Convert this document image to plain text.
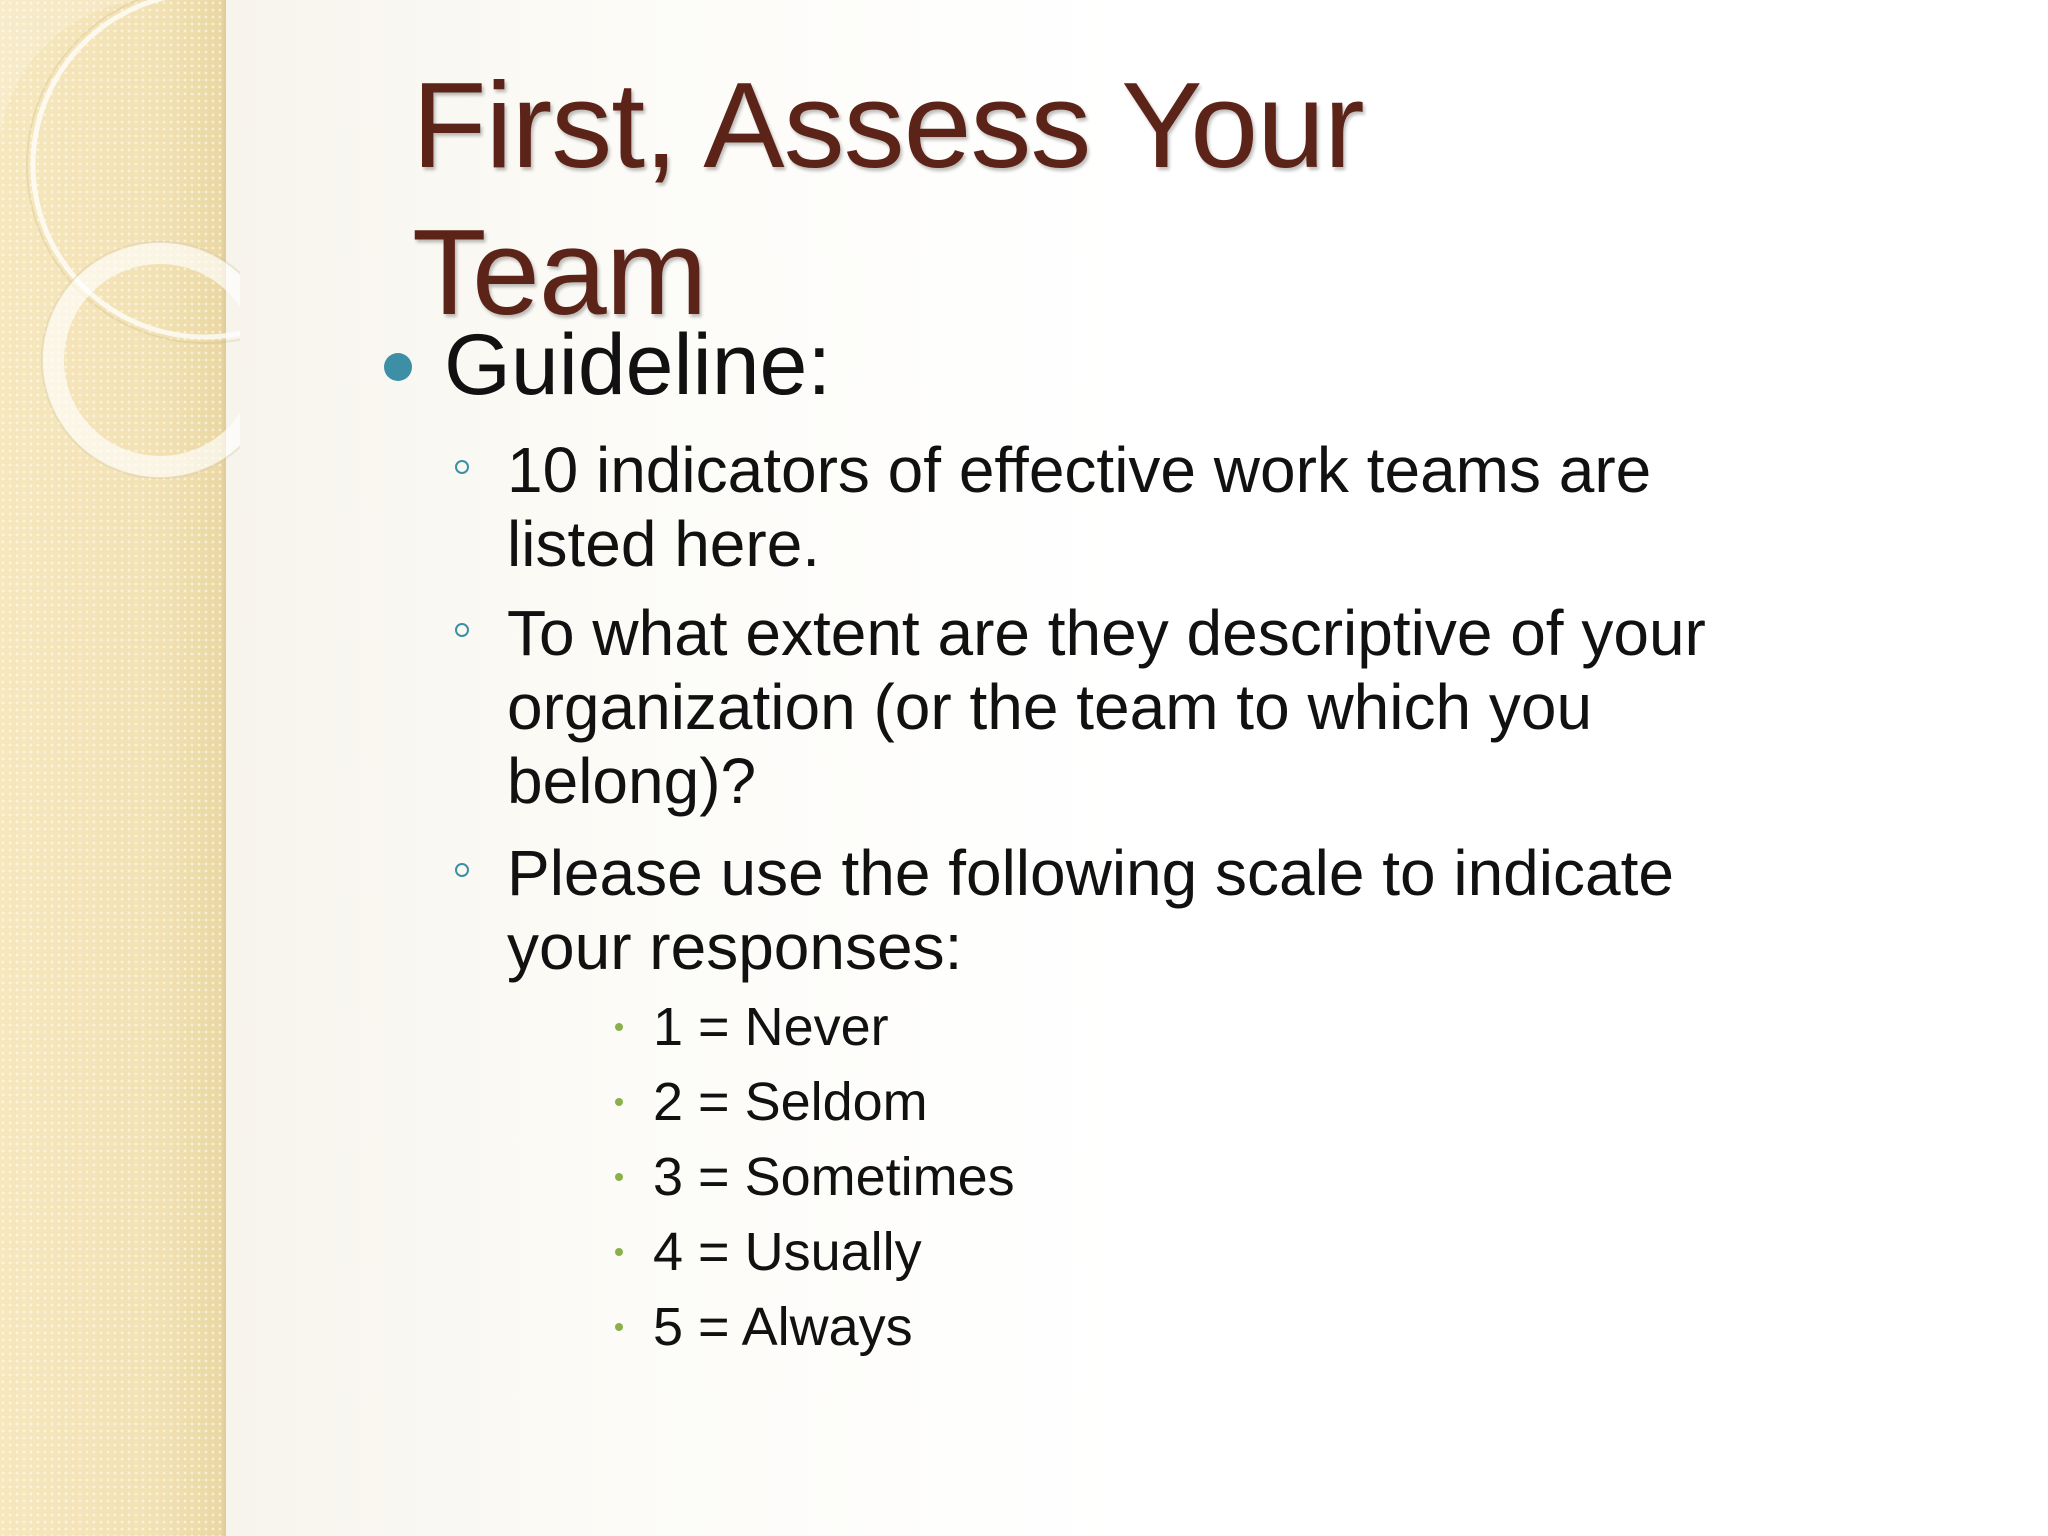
First, Assess Your Team
Guideline:
10 indicators of effective work teams are listed here.
To what extent are they descriptive of your organization (or the team to which you belong)?
Please use the following scale to indicate your responses:
1 = Never
2 = Seldom
3 = Sometimes
4 = Usually
5 = Always
